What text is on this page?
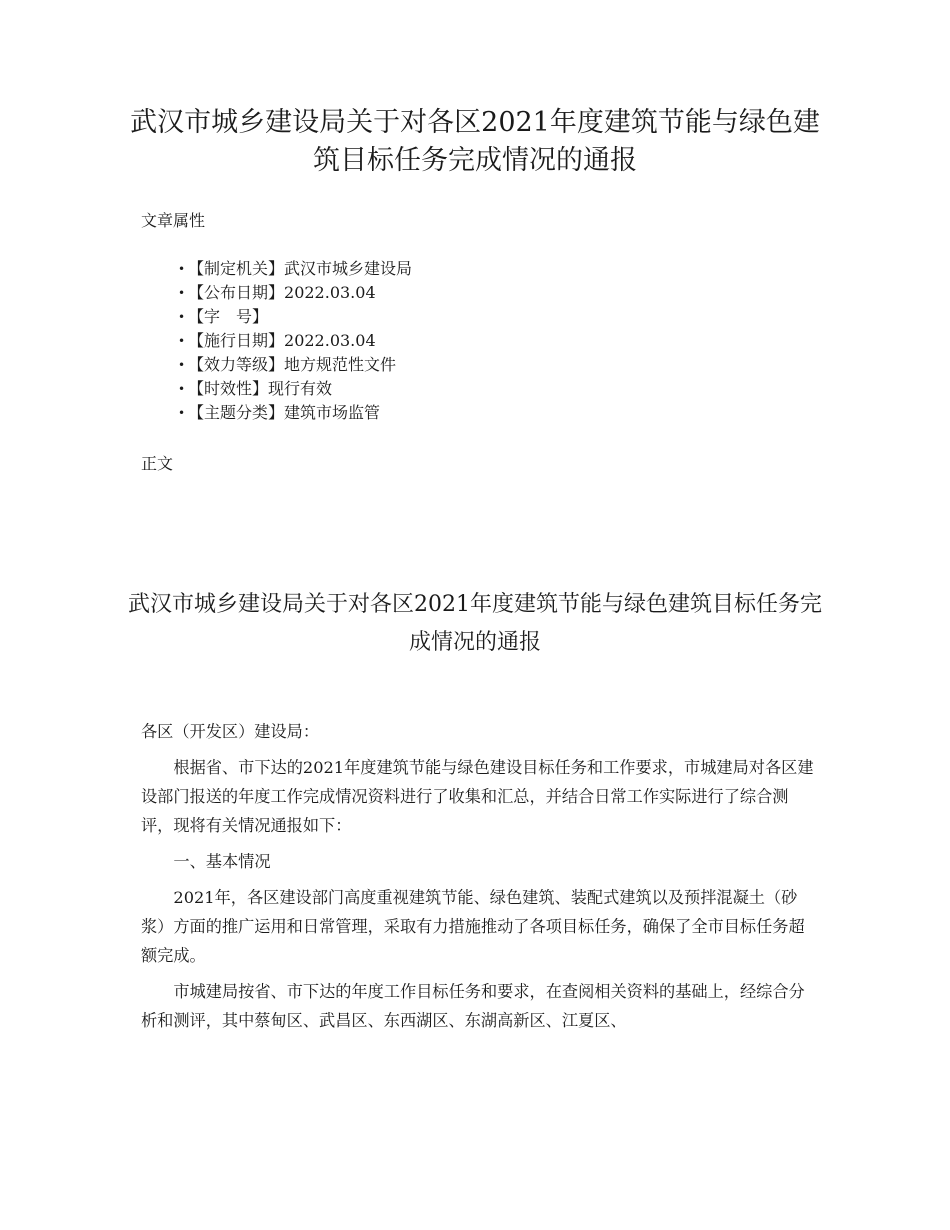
武汉市城乡建设局关于对各区2021年度建筑节能与绿色建筑目标任务完成情况的通报

文章属性

• 【制定机关】武汉市城乡建设局
• 【公布日期】2022.03.04
• 【字　号】
• 【施行日期】2022.03.04
• 【效力等级】地方规范性文件
• 【时效性】现行有效
• 【主题分类】建筑市场监管

正文

武汉市城乡建设局关于对各区2021年度建筑节能与绿色建筑目标任务完成情况的通报

各区（开发区）建设局：

根据省、市下达的2021年度建筑节能与绿色建设目标任务和工作要求，市城建局对各区建设部门报送的年度工作完成情况资料进行了收集和汇总，并结合日常工作实际进行了综合测评，现将有关情况通报如下：

一、基本情况

2021年，各区建设部门高度重视建筑节能、绿色建筑、装配式建筑以及预拌混凝土（砂浆）方面的推广运用和日常管理，采取有力措施推动了各项目标任务，确保了全市目标任务超额完成。

市城建局按省、市下达的年度工作目标任务和要求，在查阅相关资料的基础上，经综合分析和测评，其中蔡甸区、武昌区、东西湖区、东湖高新区、江夏区、
